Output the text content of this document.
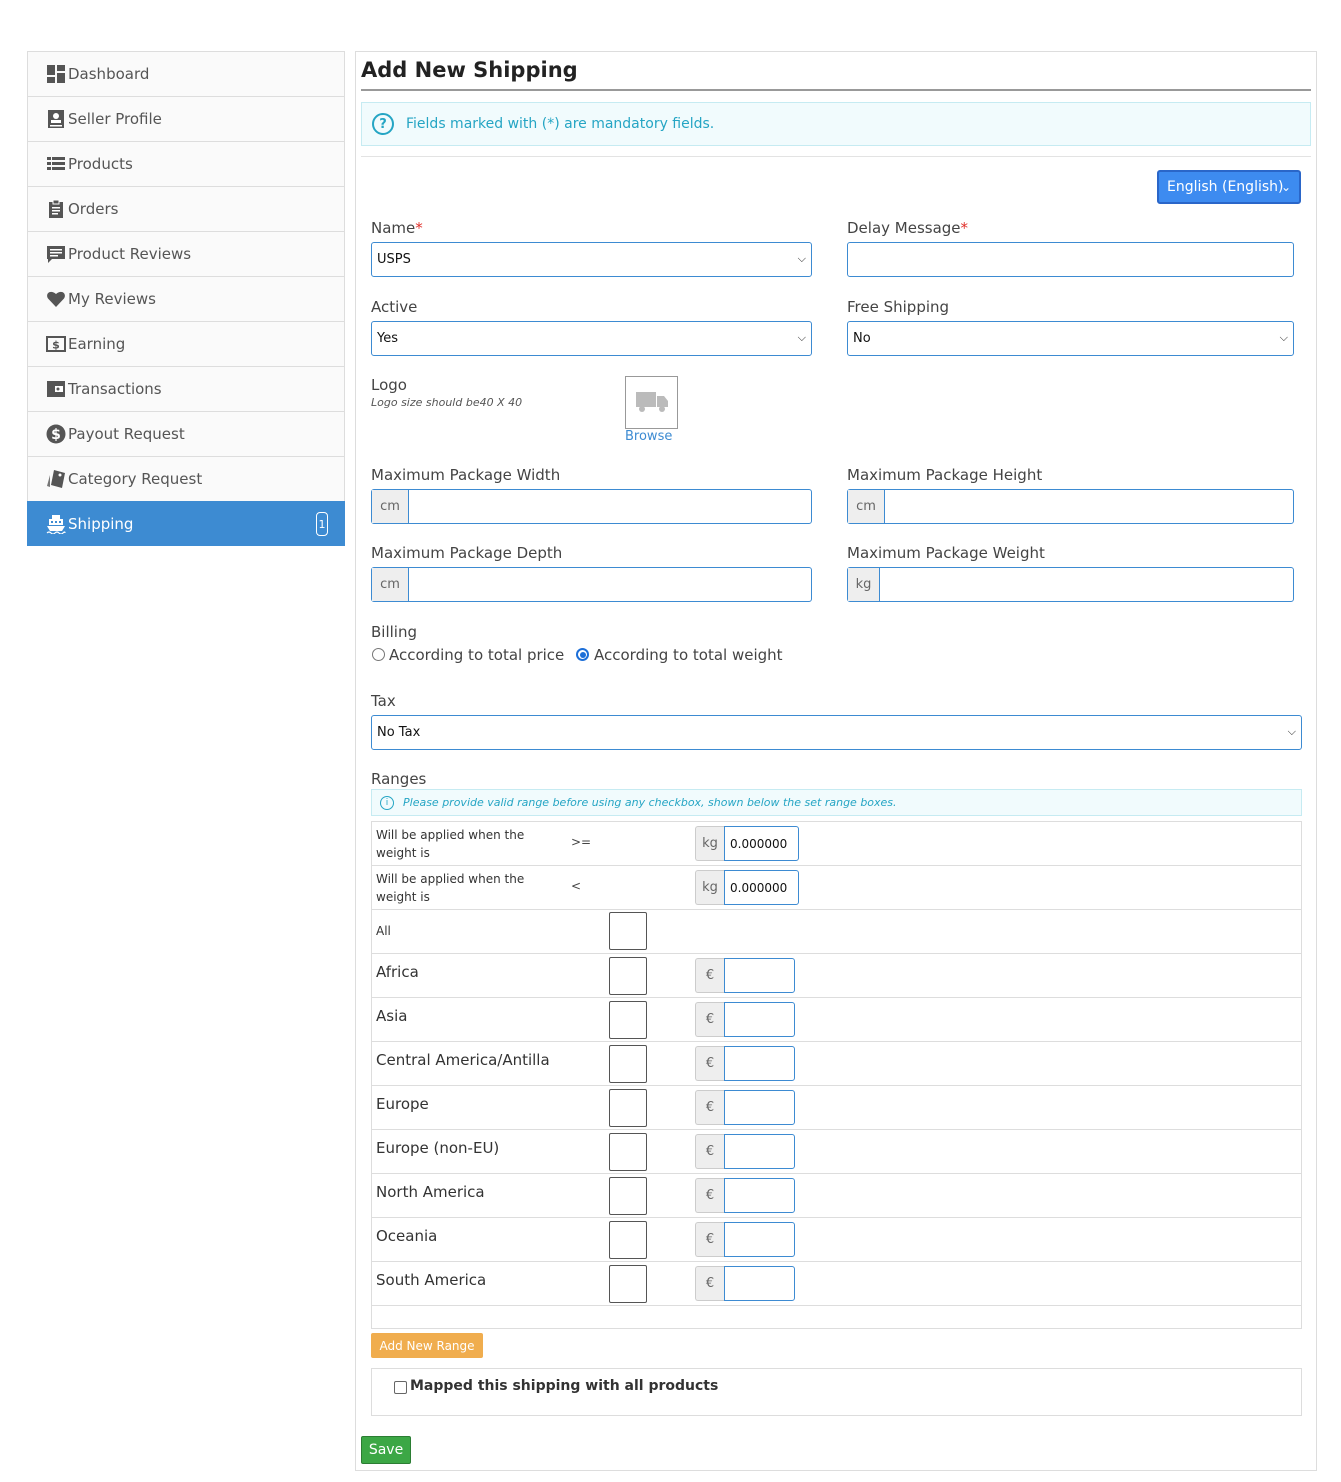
Dashboard
Seller Profile
Products
Orders
Product Reviews
My Reviews
$ Earning
Transactions
$ Payout Request
Category Request
Shipping	1
Add New Shipping
?	Fields marked with (*) are mandatory fields.
English (English)
⌄
Name*
USPS	⌵
Delay Message*
Active
Yes	⌵
Free Shipping
No	⌵
Logo
Logo size should be40 X 40
Browse
Maximum Package Width
cm
Maximum Package Height
cm
Maximum Package Depth
cm
Maximum Package Weight
kg
Billing
According to total price According to total weight
Tax
No Tax	⌵
Ranges
i	Please provide valid range before using any checkbox, shown below the set range boxes.
Will be applied when the weight is
>=	kg	0.000000
Will be applied when the weight is
<	kg	0.000000
All
Africa	€
Asia	€
Central America/Antilla	€
Europe	€
Europe (non-EU)	€
North America	€
Oceania	€
South America	€
Add New Range
Mapped this shipping with all products
Save
